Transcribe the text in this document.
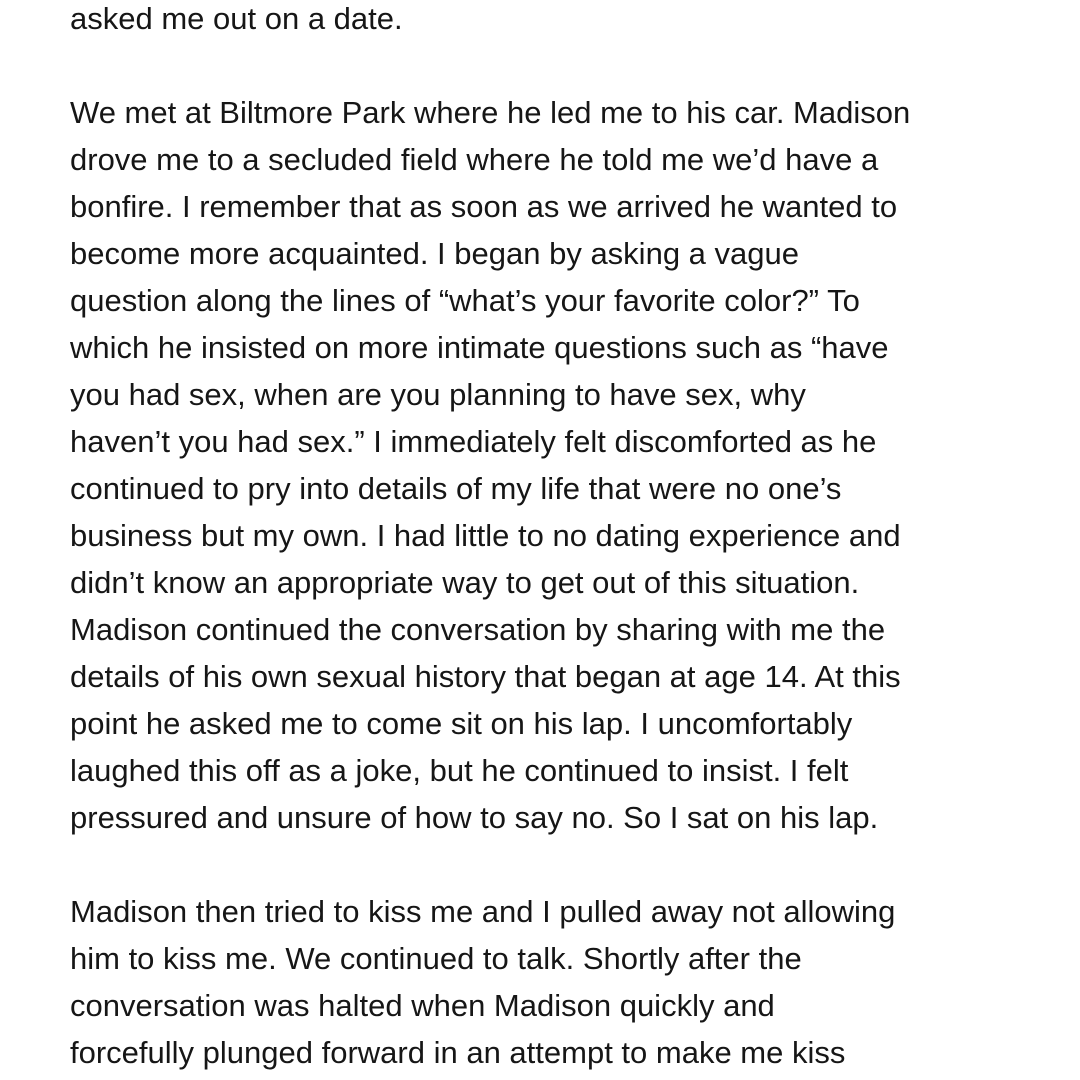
asked me out on a date.

We met at Biltmore Park where he led me to his car. Madison
drove me to a secluded field where he told me we’d have a
bonfire. I remember that as soon as we arrived he wanted to
become more acquainted. I began by asking a vague
question along the lines of “what’s your favorite color?” To
which he insisted on more intimate questions such as “have
you had sex, when are you planning to have sex, why
haven’t you had sex.” I immediately felt discomforted as he
continued to pry into details of my life that were no one’s
business but my own. I had little to no dating experience and
didn’t know an appropriate way to get out of this situation.
Madison continued the conversation by sharing with me the
details of his own sexual history that began at age 14. At this
point he asked me to come sit on his lap. I uncomfortably
laughed this off as a joke, but he continued to insist. I felt
pressured and unsure of how to say no. So I sat on his lap.

Madison then tried to kiss me and I pulled away not allowing
him to kiss me. We continued to talk. Shortly after the
conversation was halted when Madison quickly and
forcefully plunged forward in an attempt to make me kiss
